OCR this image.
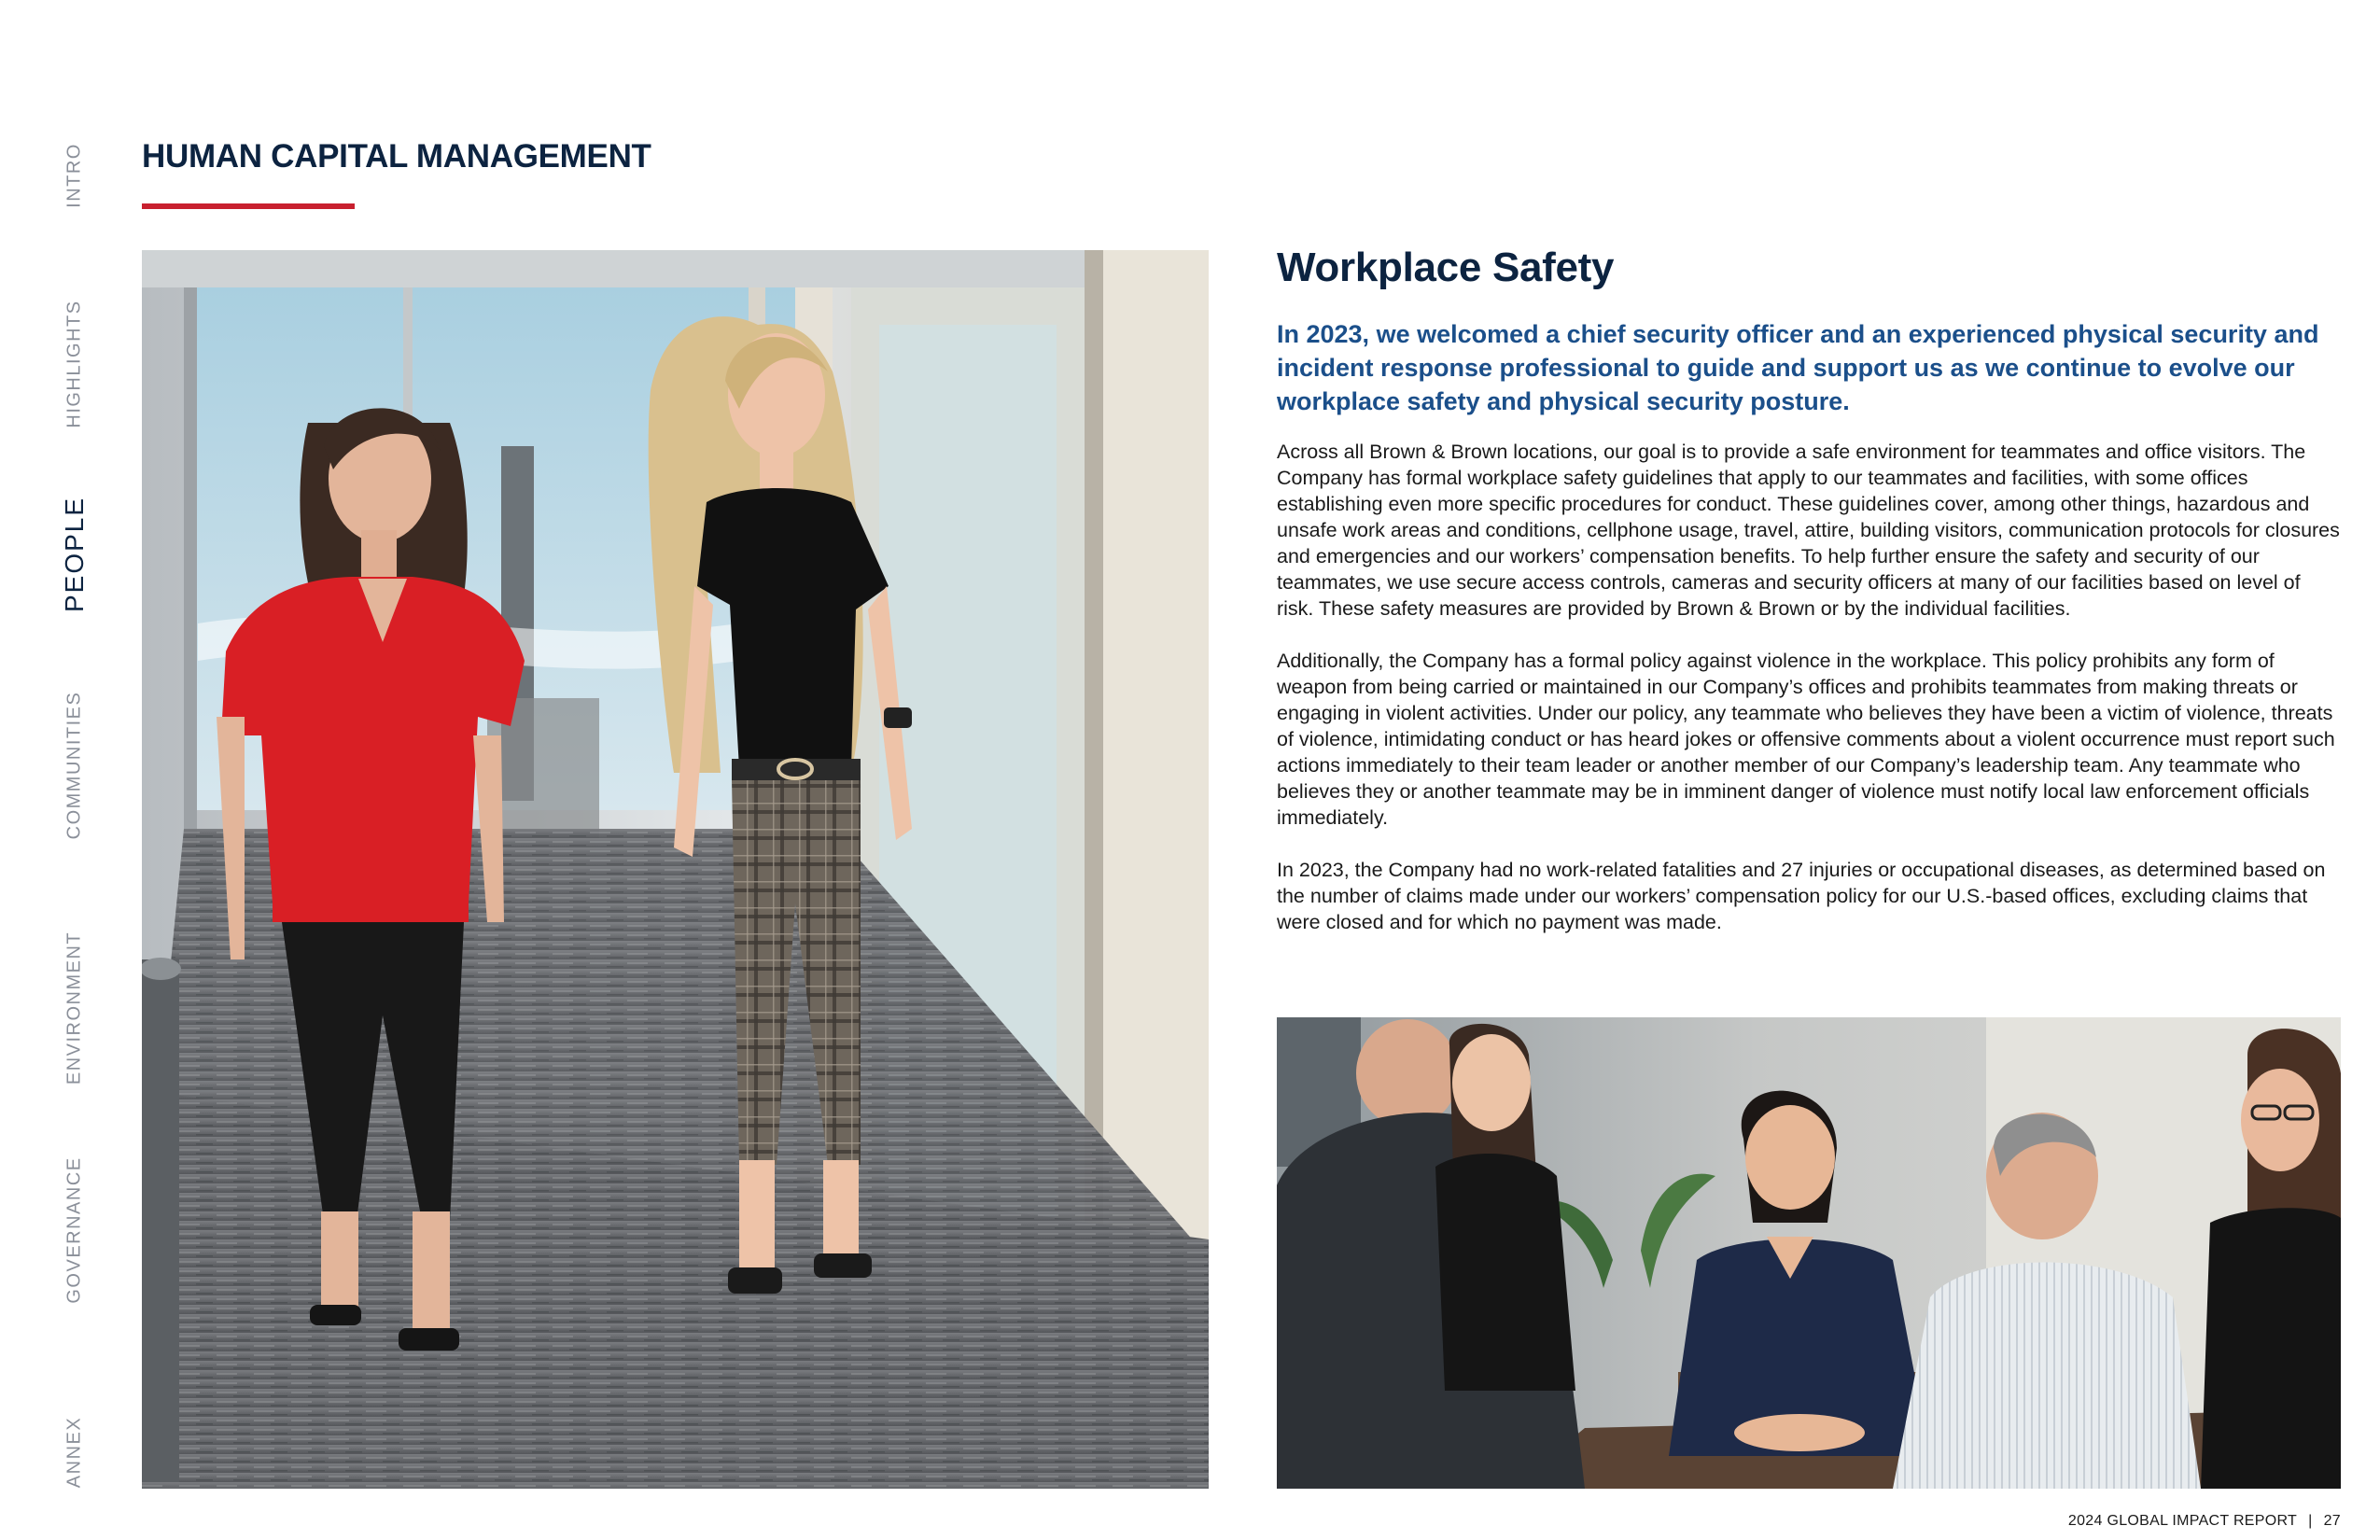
INTRO
HIGHLIGHTS
PEOPLE
COMMUNITIES
ENVIRONMENT
GOVERNANCE
ANNEX
HUMAN CAPITAL MANAGEMENT
Workplace Safety

In 2023, we welcomed a chief security officer and an experienced physical security and incident response professional to guide and support us as we continue to evolve our workplace safety and physical security posture.

Across all Brown & Brown locations, our goal is to provide a safe environment for teammates and office visitors. The Company has formal workplace safety guidelines that apply to our teammates and facilities, with some offices establishing even more specific procedures for conduct. These guidelines cover, among other things, hazardous and unsafe work areas and conditions, cellphone usage, travel, attire, building visitors, communication protocols for closures and emergencies and our workers’ compensation benefits. To help further ensure the safety and security of our teammates, we use secure access controls, cameras and security officers at many of our facilities based on level of risk. These safety measures are provided by Brown & Brown or by the individual facilities.

Additionally, the Company has a formal policy against violence in the workplace. This policy prohibits any form of weapon from being carried or maintained in our Company’s offices and prohibits teammates from making threats or engaging in violent activities. Under our policy, any teammate who believes they have been a victim of violence, threats of violence, intimidating conduct or has heard jokes or offensive comments about a violent occurrence must report such actions immediately to their team leader or another member of our Company’s leadership team. Any teammate who believes they or another teammate may be in imminent danger of violence must notify local law enforcement officials immediately.

In 2023, the Company had no work-related fatalities and 27 injuries or occupational diseases, as determined based on the number of claims made under our workers’ compensation policy for our U.S.-based offices, excluding claims that were closed and for which no payment was made.

2024 GLOBAL IMPACT REPORT | 27
